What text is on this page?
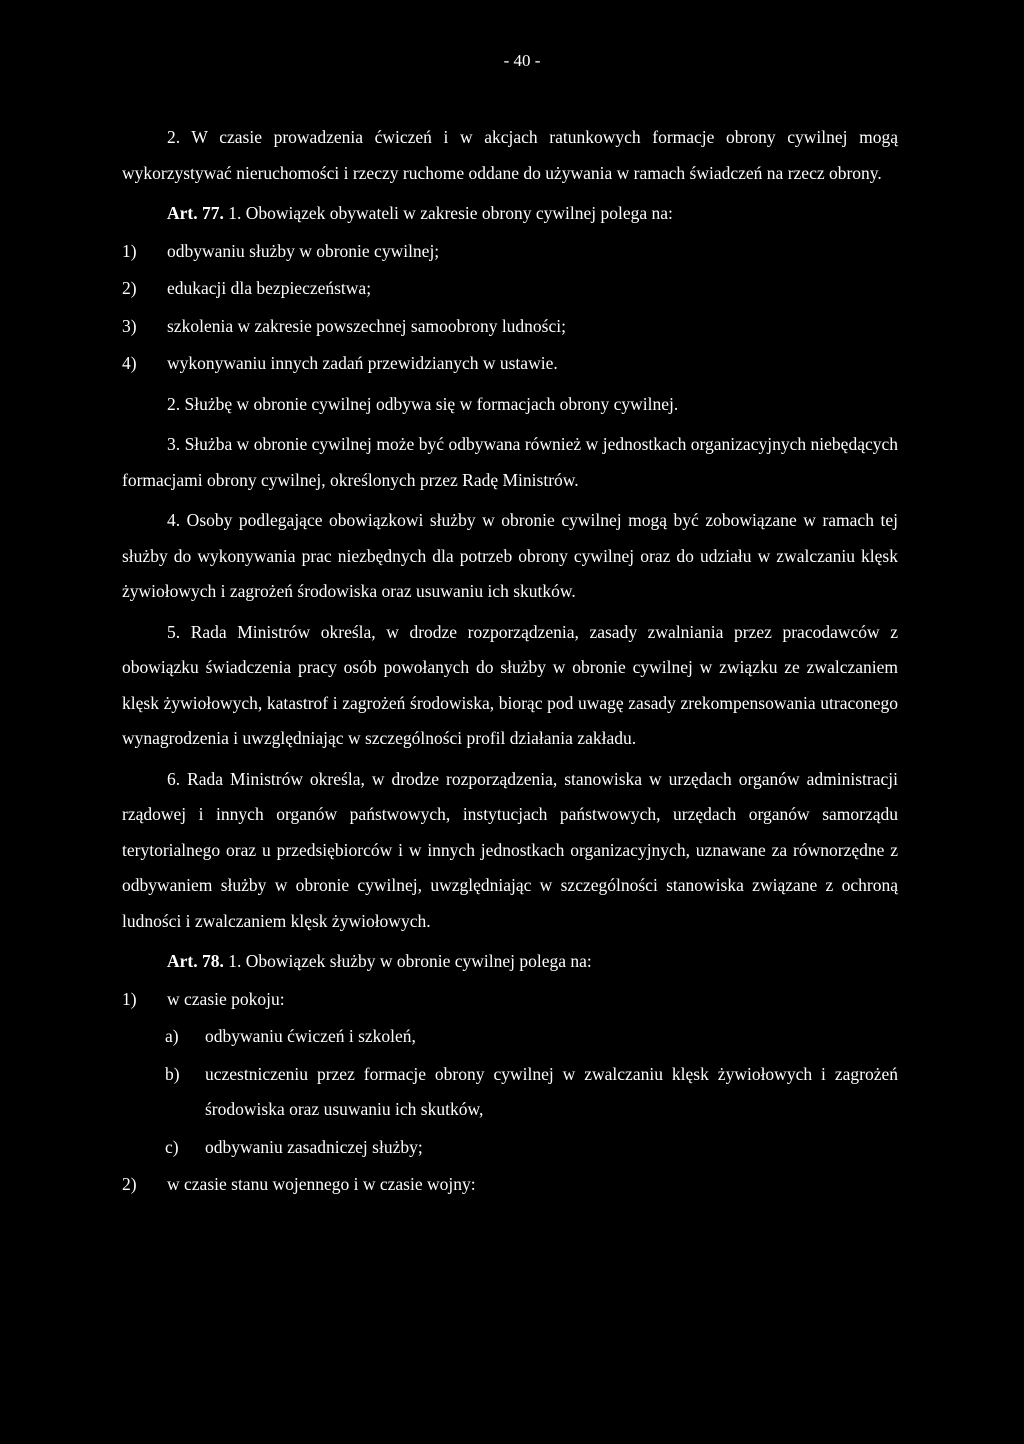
- 40 -

2. W czasie prowadzenia ćwiczeń i w akcjach ratunkowych formacje obrony cywilnej mogą wykorzystywać nieruchomości i rzeczy ruchome oddane do używania w ramach świadczeń na rzecz obrony.

Art. 77. 1. Obowiązek obywateli w zakresie obrony cywilnej polega na:

1)	odbywaniu służby w obronie cywilnej;
2)	edukacji dla bezpieczeństwa;
3)	szkolenia w zakresie powszechnej samoobrony ludności;
4)	wykonywaniu innych zadań przewidzianych w ustawie.

2. Służbę w obronie cywilnej odbywa się w formacjach obrony cywilnej.

3. Służba w obronie cywilnej może być odbywana również w jednostkach organizacyjnych niebędących formacjami obrony cywilnej, określonych przez Radę Ministrów.

4. Osoby podlegające obowiązkowi służby w obronie cywilnej mogą być zobowiązane w ramach tej służby do wykonywania prac niezbędnych dla potrzeb obrony cywilnej oraz do udziału w zwalczaniu klęsk żywiołowych i zagrożeń środowiska oraz usuwaniu ich skutków.

5. Rada Ministrów określa, w drodze rozporządzenia, zasady zwalniania przez pracodawców z obowiązku świadczenia pracy osób powołanych do służby w obronie cywilnej w związku ze zwalczaniem klęsk żywiołowych, katastrof i zagrożeń środowiska, biorąc pod uwagę zasady zrekompensowania utraconego wynagrodzenia i uwzględniając w szczególności profil działania zakładu.

6. Rada Ministrów określa, w drodze rozporządzenia, stanowiska w urzędach organów administracji rządowej i innych organów państwowych, instytucjach państwowych, urzędach organów samorządu terytorialnego oraz u przedsiębiorców i w innych jednostkach organizacyjnych, uznawane za równorzędne z odbywaniem służby w obronie cywilnej, uwzględniając w szczególności stanowiska związane z ochroną ludności i zwalczaniem klęsk żywiołowych.

Art. 78. 1. Obowiązek służby w obronie cywilnej polega na:

1)	w czasie pokoju:
a)	odbywaniu ćwiczeń i szkoleń,
b)	uczestniczeniu przez formacje obrony cywilnej w zwalczaniu klęsk żywiołowych i zagrożeń środowiska oraz usuwaniu ich skutków,
c)	odbywaniu zasadniczej służby;
2)	w czasie stanu wojennego i w czasie wojny:
